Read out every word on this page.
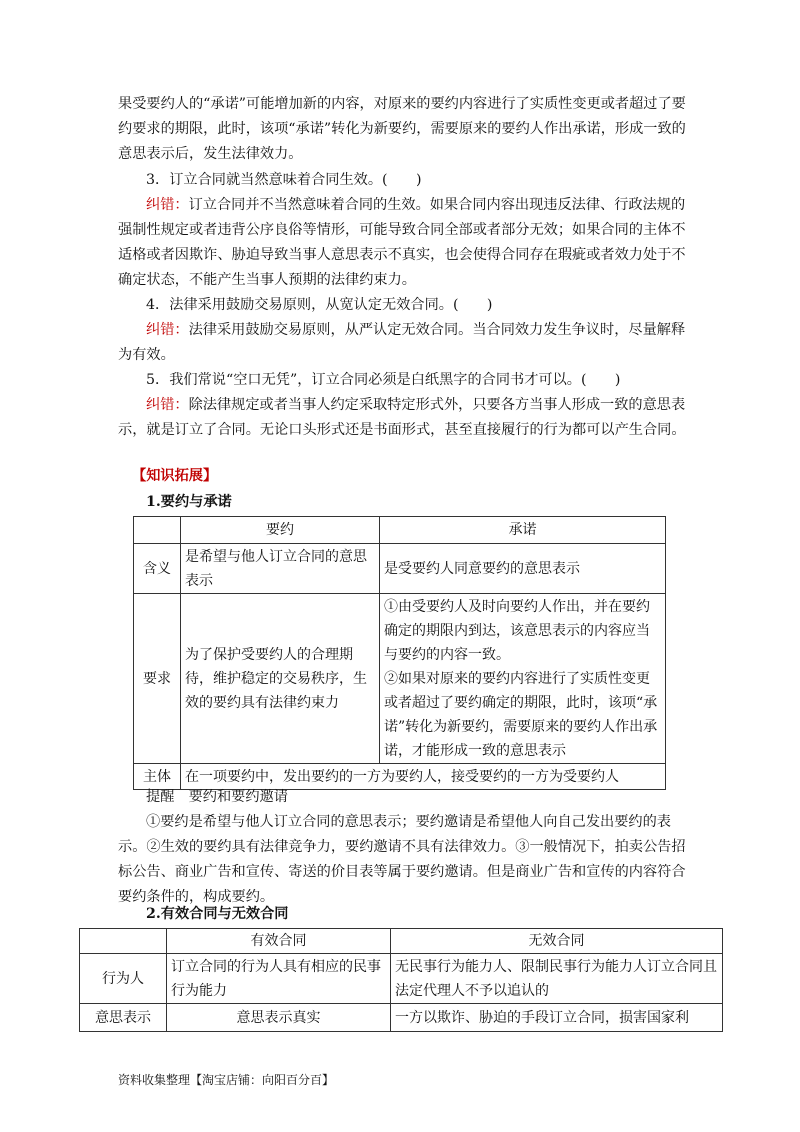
果受要约人的“承诺”可能增加新的内容，对原来的要约内容进行了实质性变更或者超过了要约要求的期限，此时，该项“承诺”转化为新要约，需要原来的要约人作出承诺，形成一致的意思表示后，发生法律效力。
3．订立合同就当然意味着合同生效。(　　)
纠错：订立合同并不当然意味着合同的生效。如果合同内容出现违反法律、行政法规的强制性规定或者违背公序良俗等情形，可能导致合同全部或者部分无效；如果合同的主体不适格或者因欺诈、胁迫导致当事人意思表示不真实，也会使得合同存在瑕疵或者效力处于不确定状态，不能产生当事人预期的法律约束力。
4．法律采用鼓励交易原则，从宽认定无效合同。(　　)
纠错：法律采用鼓励交易原则，从严认定无效合同。当合同效力发生争议时，尽量解释为有效。
5．我们常说“空口无凭”，订立合同必须是白纸黑字的合同书才可以。(　　)
纠错：除法律规定或者当事人约定采取特定形式外，只要各方当事人形成一致的意思表示，就是订立了合同。无论口头形式还是书面形式，甚至直接履行的行为都可以产生合同。
【知识拓展】
1.要约与承诺
	要约	承诺
含义	是希望与他人订立合同的意思表示	是受要约人同意要约的意思表示
要求	为了保护受要约人的合理期待，维护稳定的交易秩序，生效的要约具有法律约束力	①由受要约人及时向要约人作出，并在要约确定的期限内到达，该意思表示的内容应当与要约的内容一致。
②如果对原来的要约内容进行了实质性变更或者超过了要约确定的期限，此时，该项“承诺”转化为新要约，需要原来的要约人作出承诺，才能形成一致的意思表示

主体	在一项要约中，发出要约的一方为要约人，接受要约的一方为受要约人	
提醒　要约和要约邀请
①要约是希望与他人订立合同的意思表示；要约邀请是希望他人向自己发出要约的表示。②生效的要约具有法律竞争力，要约邀请不具有法律效力。③一般情况下，拍卖公告招标公告、商业广告和宣传、寄送的价目表等属于要约邀请。但是商业广告和宣传的内容符合要约条件的，构成要约。
2.有效合同与无效合同
	有效合同	无效合同
行为人	订立合同的行为人具有相应的民事行为能力	无民事行为能力人、限制民事行为能力人订立合同且法定代理人不予以追认的
意思表示	意思表示真实	一方以欺诈、胁迫的手段订立合同，损害国家利
资料收集整理【淘宝店铺：向阳百分百】
